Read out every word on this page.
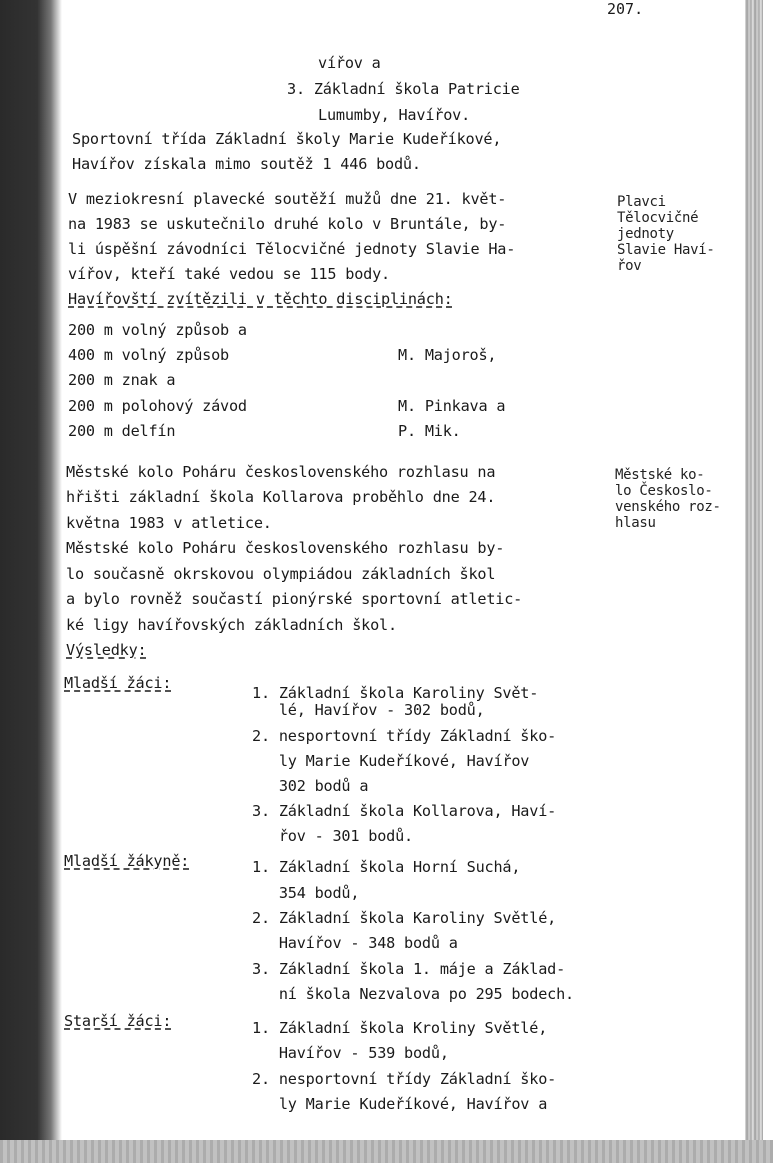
207.
vířov a
3. Základní škola Patricie
Lumumby, Havířov.
Sportovní třída Základní školy Marie Kudeříkové,
Havířov získala mimo soutěž 1 446 bodů.
V meziokresní plavecké soutěží mužů dne 21. květ-
na 1983 se uskutečnilo druhé kolo v Bruntále, by-
li úspěšní závodníci Tělocvičné jednoty Slavie Ha-
vířov, kteří také vedou se 115 body.
Havířovští zvítězili v těchto disciplinách:
Plavci
Tělocvičné
jednoty
Slavie Haví-
řov
200 m volný způsob a
400 m volný způsob	M. Majoroš,
200 m znak a
200 m polohový závod	M. Pinkava a
200 m delfín	P. Mik.
Městské kolo Poháru československého rozhlasu na
hřišti základní škola Kollarova proběhlo dne 24.
května 1983 v atletice.
Městské kolo Poháru československého rozhlasu by-
lo současně okrskovou olympiádou základních škol
a bylo rovněž součastí pionýrské sportovní atletic-
ké ligy havířovských základních škol.
Výsledky:
Městské ko-
lo Českoslo-
venského roz-
hlasu
Mladší žáci:
1. Základní škola Karoliny Svět-
lé, Havířov - 302 bodů,
2. nesportovní třídy Základní ško-
ly Marie Kudeříkové, Havířov
302 bodů a
3. Základní škola Kollarova, Haví-
řov - 301 bodů.
Mladší žákyně:	1. Základní škola Horní Suchá,
354 bodů,
2. Základní škola Karoliny Světlé,
Havířov - 348 bodů a
3. Základní škola 1. máje a Základ-
ní škola Nezvalova po 295 bodech.
Starší žáci:	1. Základní škola Kroliny Světlé,
Havířov - 539 bodů,
2. nesportovní třídy Základní ško-
ly Marie Kudeříkové, Havířov a
